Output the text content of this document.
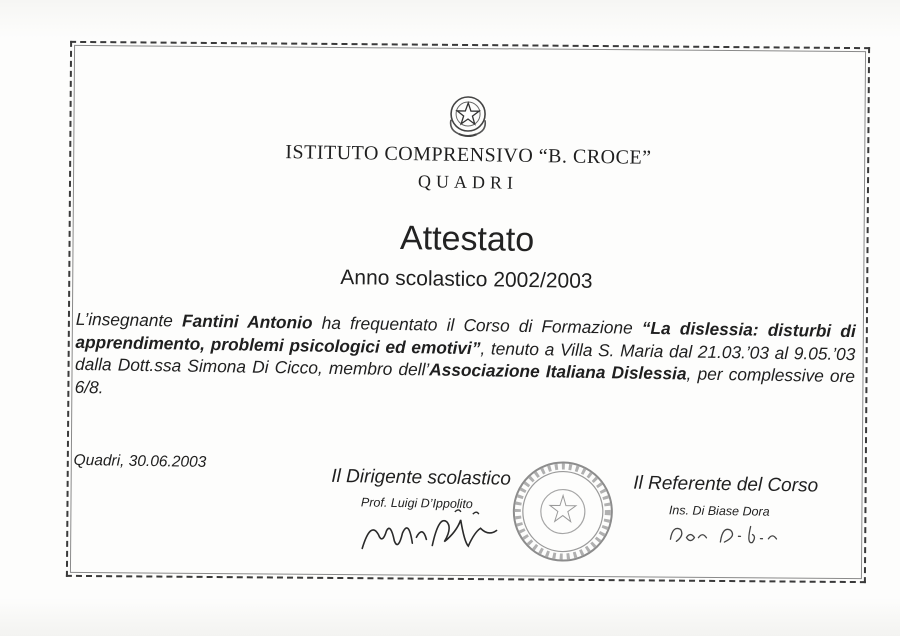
ISTITUTO COMPRENSIVO “B. CROCE”
QUADRI
Attestato
Anno scolastico 2002/2003
L’insegnante Fantini Antonio ha frequentato il Corso di Formazione “La dislessia: disturbi di apprendimento, problemi psicologici ed emotivi”, tenuto a Villa S. Maria dal 21.03.’03 al 9.05.’03 dalla Dott.ssa Simona Di Cicco, membro dell’Associazione Italiana Dislessia, per complessive ore 6/8.
Quadri, 30.06.2003
Il Dirigente scolastico
Prof. Luigi D’Ippolito
Il Referente del Corso
Ins. Di Biase Dora
